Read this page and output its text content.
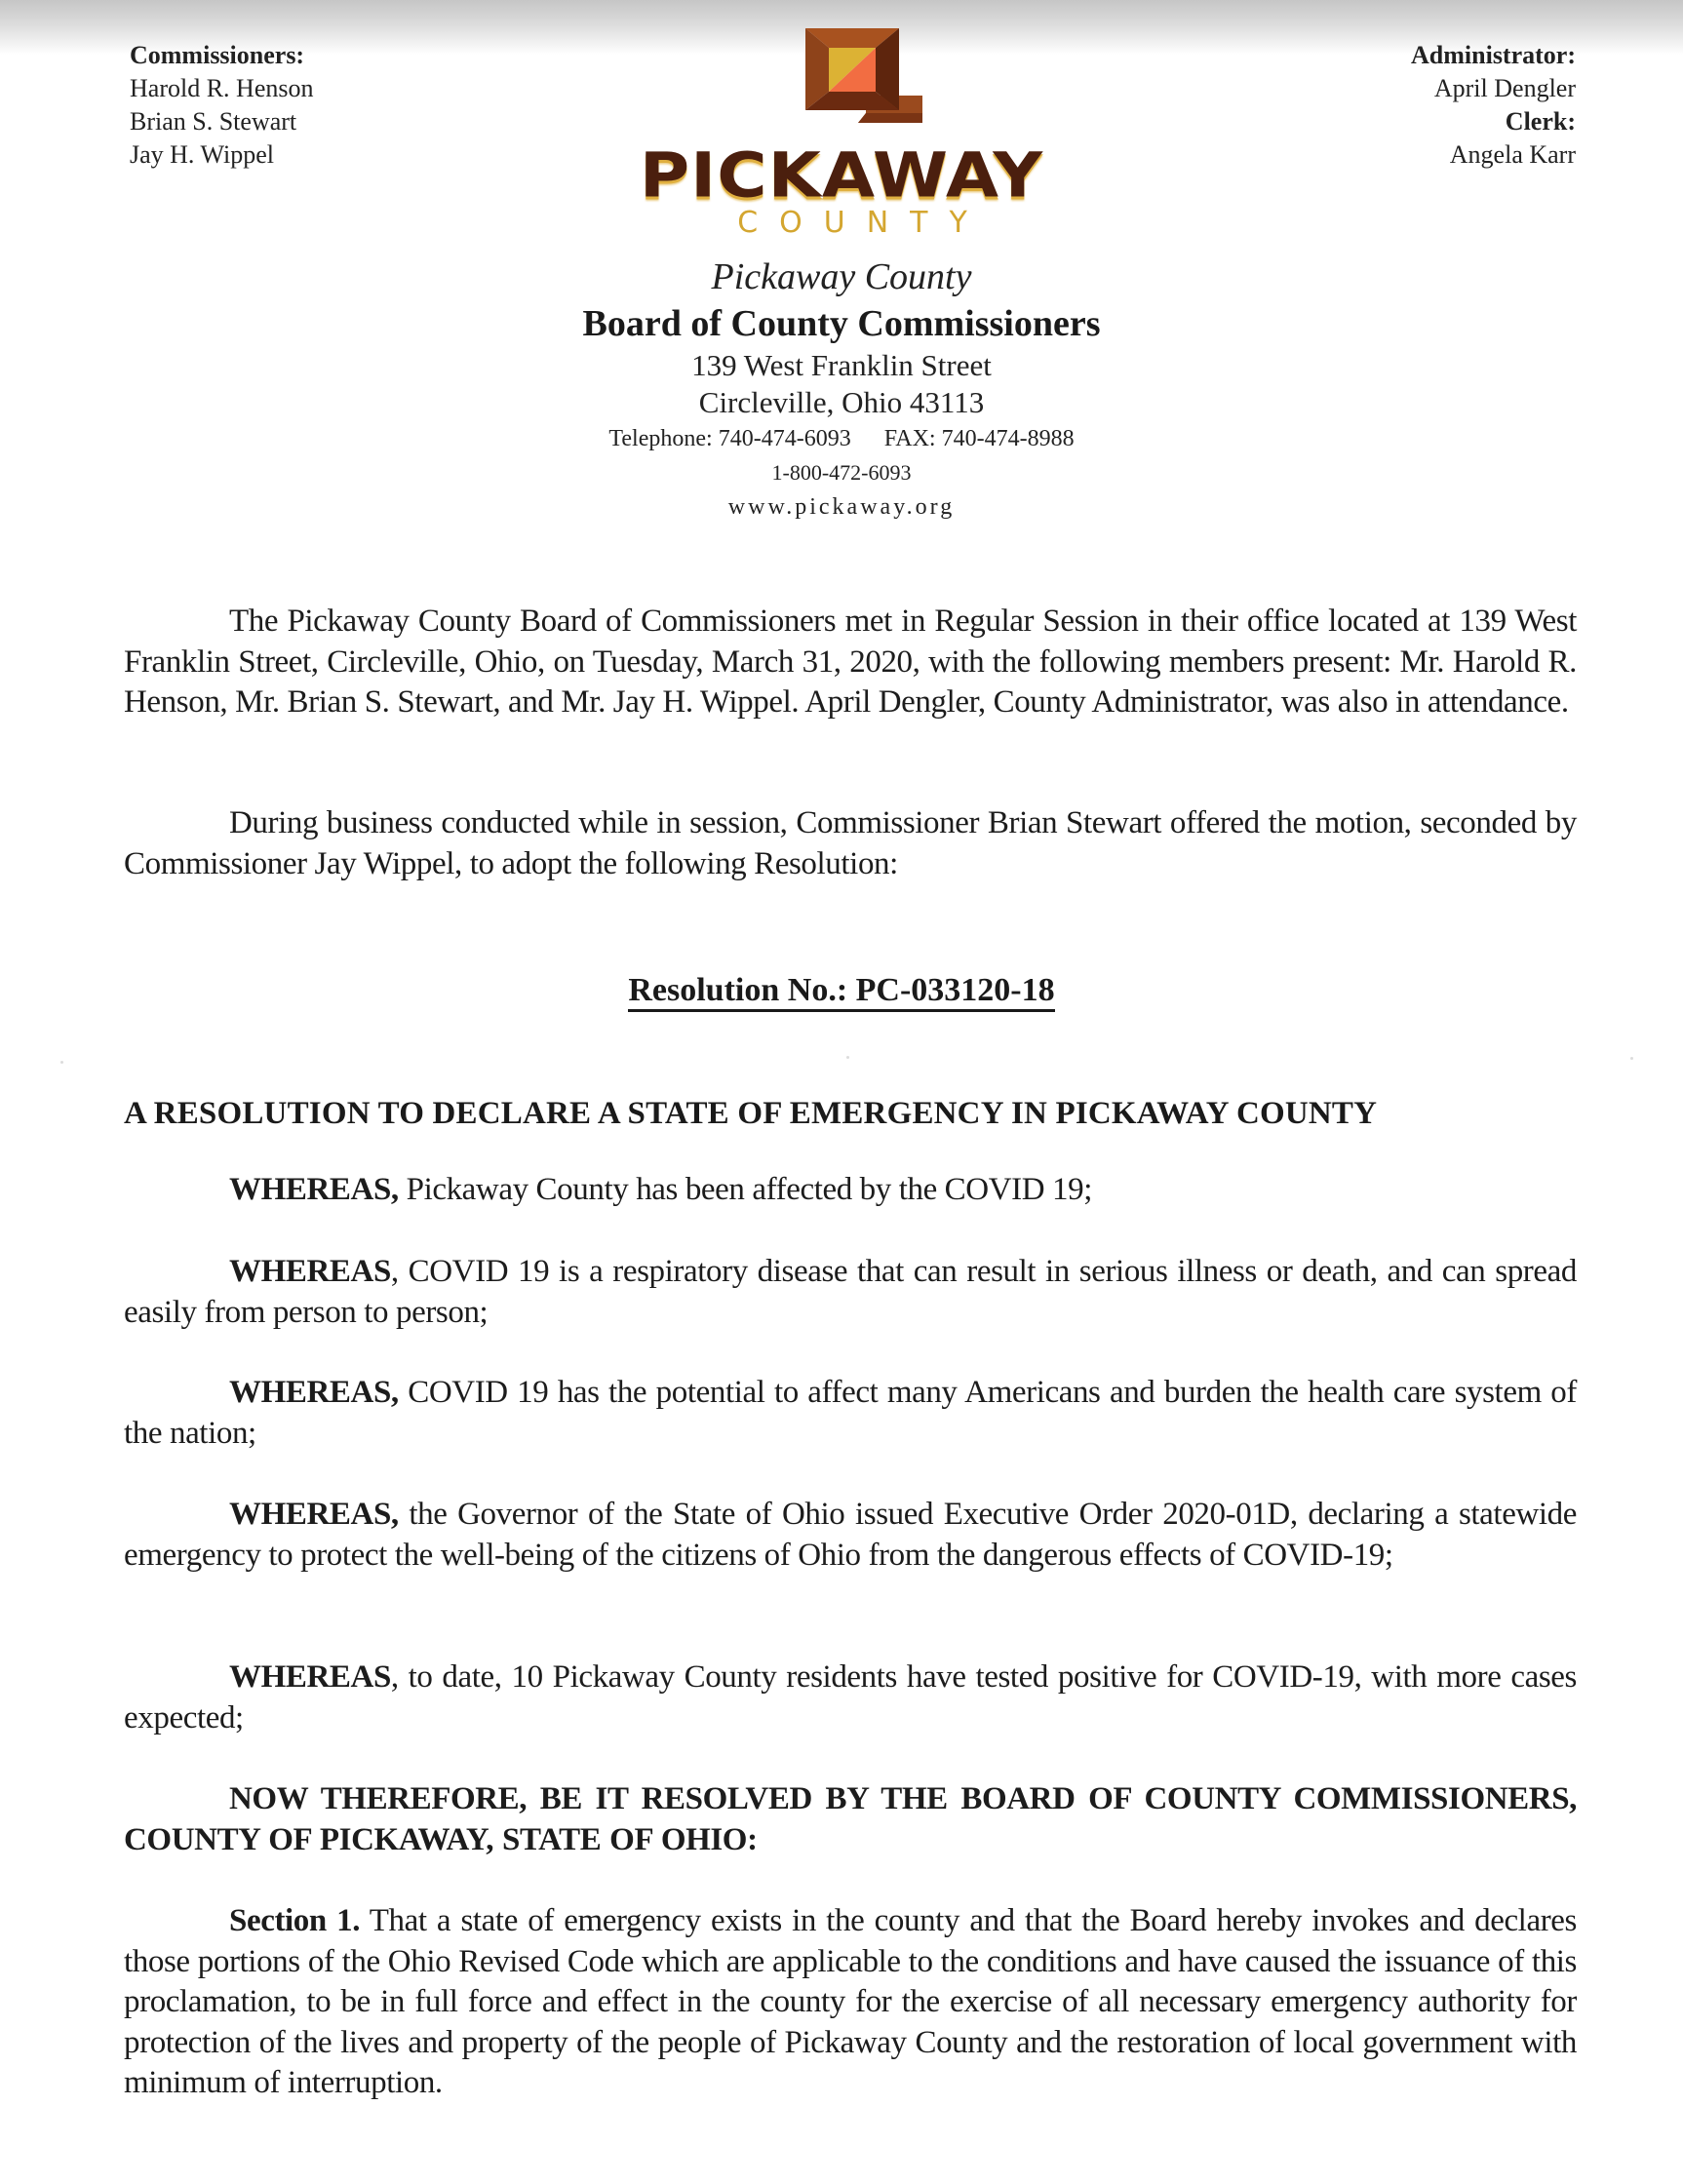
Commissioners:
Harold R. Henson
Brian S. Stewart
Jay H. Wippel
Administrator:
April Dengler
Clerk:
Angela Karr
PICKAWAY
COUNTY
Pickaway County
Board of County Commissioners
139 West Franklin Street
Circleville, Ohio 43113
Telephone: 740-474-6093 FAX: 740-474-8988
1-800-472-6093
www.pickaway.org
The Pickaway County Board of Commissioners met in Regular Session in their office located at 139 West Franklin Street, Circleville, Ohio, on Tuesday, March 31, 2020, with the following members present: Mr. Harold R. Henson, Mr. Brian S. Stewart, and Mr. Jay H. Wippel. April Dengler, County Administrator, was also in attendance.
During business conducted while in session, Commissioner Brian Stewart offered the motion, seconded by Commissioner Jay Wippel, to adopt the following Resolution:
Resolution No.: PC-033120-18
A RESOLUTION TO DECLARE A STATE OF EMERGENCY IN PICKAWAY COUNTY
WHEREAS, Pickaway County has been affected by the COVID 19;
WHEREAS, COVID 19 is a respiratory disease that can result in serious illness or death, and can spread easily from person to person;
WHEREAS, COVID 19 has the potential to affect many Americans and burden the health care system of the nation;
WHEREAS, the Governor of the State of Ohio issued Executive Order 2020-01D, declaring a statewide emergency to protect the well-being of the citizens of Ohio from the dangerous effects of COVID-19;
WHEREAS, to date, 10 Pickaway County residents have tested positive for COVID-19, with more cases expected;
NOW THEREFORE, BE IT RESOLVED BY THE BOARD OF COUNTY COMMISSIONERS, COUNTY OF PICKAWAY, STATE OF OHIO:
Section 1. That a state of emergency exists in the county and that the Board hereby invokes and declares those portions of the Ohio Revised Code which are applicable to the conditions and have caused the issuance of this proclamation, to be in full force and effect in the county for the exercise of all necessary emergency authority for protection of the lives and property of the people of Pickaway County and the restoration of local government with minimum of interruption.
